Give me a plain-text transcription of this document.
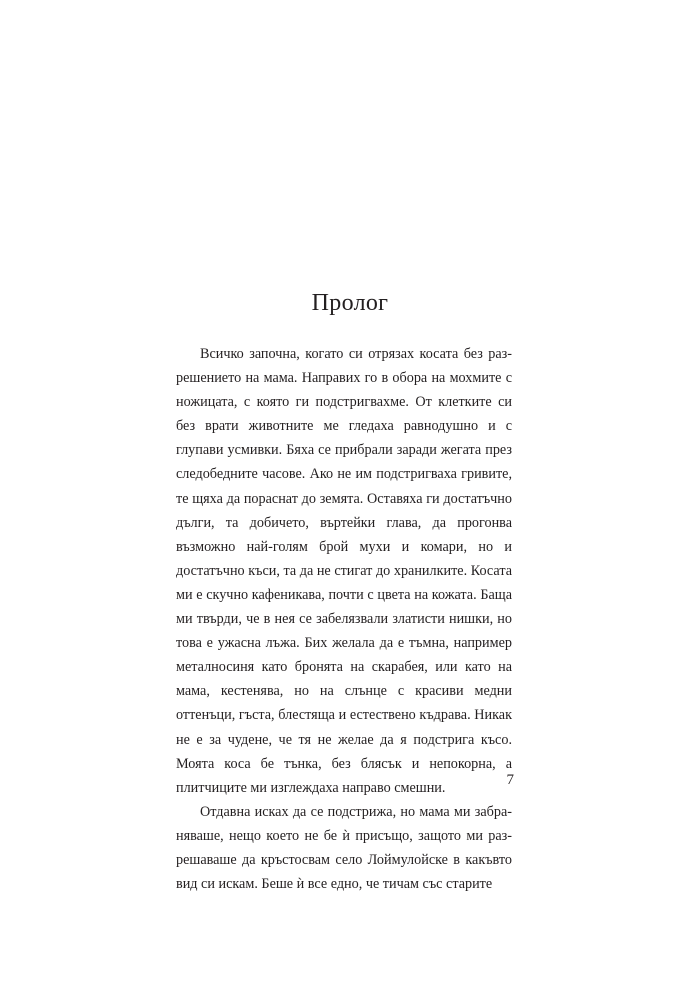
Пролог

Всичко започна, когато си отрязах косата без разрешението на мама. Направих го в обора на мохмите с ножицата, с която ги подстригвахме. От клетките си без врати животните ме гледаха равнодушно и с глупави усмивки. Бяха се прибрали заради жегата през следобедните часове. Ако не им подстригваха гривите, те щяха да пораснат до земята. Оставяха ги достатъчно дълги, та добичето, въртейки глава, да прогонва възможно най-голям брой мухи и комари, но и достатъчно къси, та да не стигат до хранилките. Косата ми е скучно кафеникава, почти с цвета на кожата. Баща ми твърди, че в нея се забелязвали златисти нишки, но това е ужасна лъжа. Бих желала да е тъмна, например металносиня като бронята на скарабея, или като на мама, кестенява, но на слънце с красиви медни оттенъци, гъста, блестяща и естествено къдрава. Никак не е за чудене, че тя не желае да я подстрига късо. Моята коса бе тънка, без блясък и непокорна, а плитчиците ми изглеждаха направо смешни.

Отдавна исках да се подстрижа, но мама ми забраняваше, нещо което не бе ѝ присъщо, защото ми разрешаваше да кръстосвам село Лоймулойске в какъвто вид си искам. Беше ѝ все едно, че тичам със старите

7
